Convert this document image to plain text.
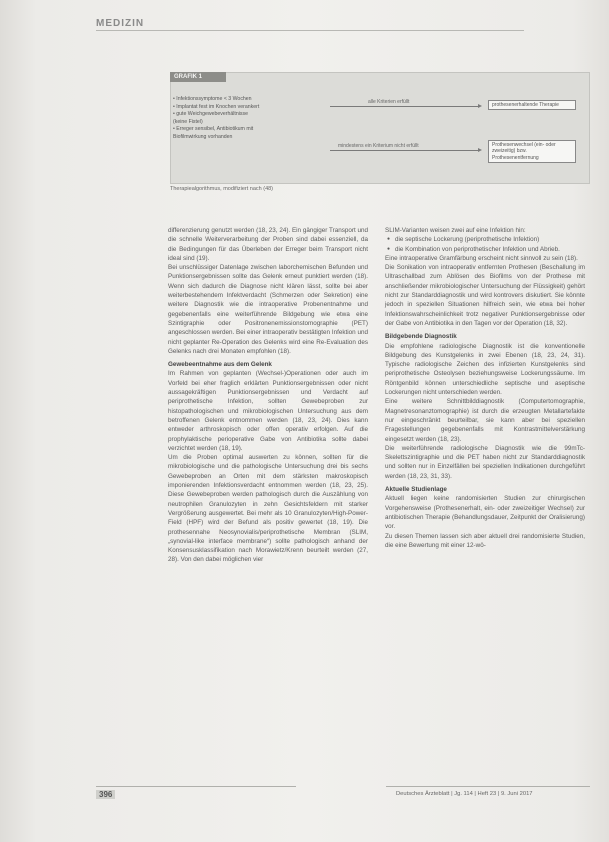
MEDIZIN
GRAFIK 1
• Infektionssymptome < 3 Wochen
• Implantat fest im Knochen verankert
• gute Weichgewebeverhältnisse
(keine Fistel)
• Erreger sensibel, Antibiotikum mit
Biofilmwirkung vorhanden
alle Kriterien erfüllt
mindestens ein Kriterium nicht erfüllt
prothesenerhaltende Therapie
Prothesenwechsel (ein- oder zweizeitig) bzw. Prothesenentfernung
Therapiealgorithmus, modifiziert nach (48)

differenzierung genutzt werden (18, 23, 24). Ein gängiger Transport und die schnelle Weiterverarbeitung der Proben sind dabei essenziell, da die Bedingungen für das Überleben der Erreger beim Transport nicht ideal sind (19).

Bei unschlüssiger Datenlage zwischen laborchemischen Befunden und Punktionsergebnissen sollte das Gelenk erneut punktiert werden (18). Wenn sich dadurch die Diagnose nicht klären lässt, sollte bei aber weiterbestehendem Infektverdacht (Schmerzen oder Sekretion) eine weitere Diagnostik wie die intraoperative Probenentnahme und gegebenenfalls eine weiterführende Bildgebung wie etwa eine Szintigraphie oder Positronenemissionstomographie (PET) angeschlossen werden. Bei einer intraoperativ bestätigten Infektion und nicht geplanter Re-Operation des Gelenks wird eine Re-Evaluation des Gelenks nach drei Monaten empfohlen (18).

Gewebeentnahme aus dem Gelenk

Im Rahmen von geplanten (Wechsel-)Operationen oder auch im Vorfeld bei eher fraglich erklärten Punktionsergebnissen oder nicht aussagekräftigen Punktionsergebnissen und Verdacht auf periprothetische Infektion, sollten Gewebeproben zur histopathologischen und mikrobiologischen Untersuchung aus dem betroffenen Gelenk entnommen werden (18, 23, 24). Dies kann entweder arthroskopisch oder offen operativ erfolgen. Auf die prophylaktische perioperative Gabe von Antibiotika sollte dabei verzichtet werden (18, 19).

Um die Proben optimal auswerten zu können, sollten für die mikrobiologische und die pathologische Untersuchung drei bis sechs Gewebeproben an Orten mit dem stärksten makroskopisch imponierenden Infektionsverdacht entnommen werden (18, 23, 25). Diese Gewebeproben werden pathologisch durch die Auszählung von neutrophilen Granulozyten in zehn Gesichtsfeldern mit starker Vergrößerung ausgewertet. Bei mehr als 10 Granulozyten/High-Power-Field (HPF) wird der Befund als positiv gewertet (18, 19). Die prothesennahe Neosynovialis/periprothetische Membran (SLIM, „synovial-like interface membrane“) sollte pathologisch anhand der Konsensusklassifikation nach Morawietz/Krenn beurteilt werden (27, 28). Von den dabei möglichen vier

SLIM-Varianten weisen zwei auf eine Infektion hin:

● die septische Lockerung (periprothetische Infektion)
● die Kombination von periprothetischer Infektion und Abrieb.

Eine intraoperative Gramfärbung erscheint nicht sinnvoll zu sein (18).

Die Sonikation von intraoperativ entfernten Prothesen (Beschallung im Ultraschallbad zum Ablösen des Biofilms von der Prothese mit anschließender mikrobiologischer Untersuchung der Flüssigkeit) gehört nicht zur Standarddiagnostik und wird kontrovers diskutiert. Sie könnte jedoch in speziellen Situationen hilfreich sein, wie etwa bei hoher Infektionswahrscheinlichkeit trotz negativer Punktionsergebnisse oder der Gabe von Antibiotika in den Tagen vor der Operation (18, 32).

Bildgebende Diagnostik

Die empfohlene radiologische Diagnostik ist die konventionelle Bildgebung des Kunstgelenks in zwei Ebenen (18, 23, 24, 31). Typische radiologische Zeichen des infizierten Kunstgelenks sind periprothetische Osteolysen beziehungsweise Lockerungssäume. Im Röntgenbild können unterschiedliche septische und aseptische Lockerungen nicht unterschieden werden.

Eine weitere Schnittbilddiagnostik (Computertomographie, Magnetresonanztomographie) ist durch die erzeugten Metallartefakte nur eingeschränkt beurteilbar, sie kann aber bei speziellen Fragestellungen gegebenenfalls mit Kontrastmittelverstärkung eingesetzt werden (18, 23).

Die weiterführende radiologische Diagnostik wie die 99mTc-Skelettszintigraphie und die PET haben nicht zur Standarddiagnostik und sollten nur in Einzelfällen bei speziellen Indikationen durchgeführt werden (18, 23, 31, 33).

Aktuelle Studienlage

Aktuell liegen keine randomisierten Studien zur chirurgischen Vorgehensweise (Prothesenerhalt, ein- oder zweizeitiger Wechsel) zur antibiotischen Therapie (Behandlungsdauer, Zeitpunkt der Oralisierung) vor.

Zu diesen Themen lassen sich aber aktuell drei randomisierte Studien, die eine Bewertung mit einer 12-wö-

396	Deutsches Ärzteblatt | Jg. 114 | Heft 23 | 9. Juni 2017
